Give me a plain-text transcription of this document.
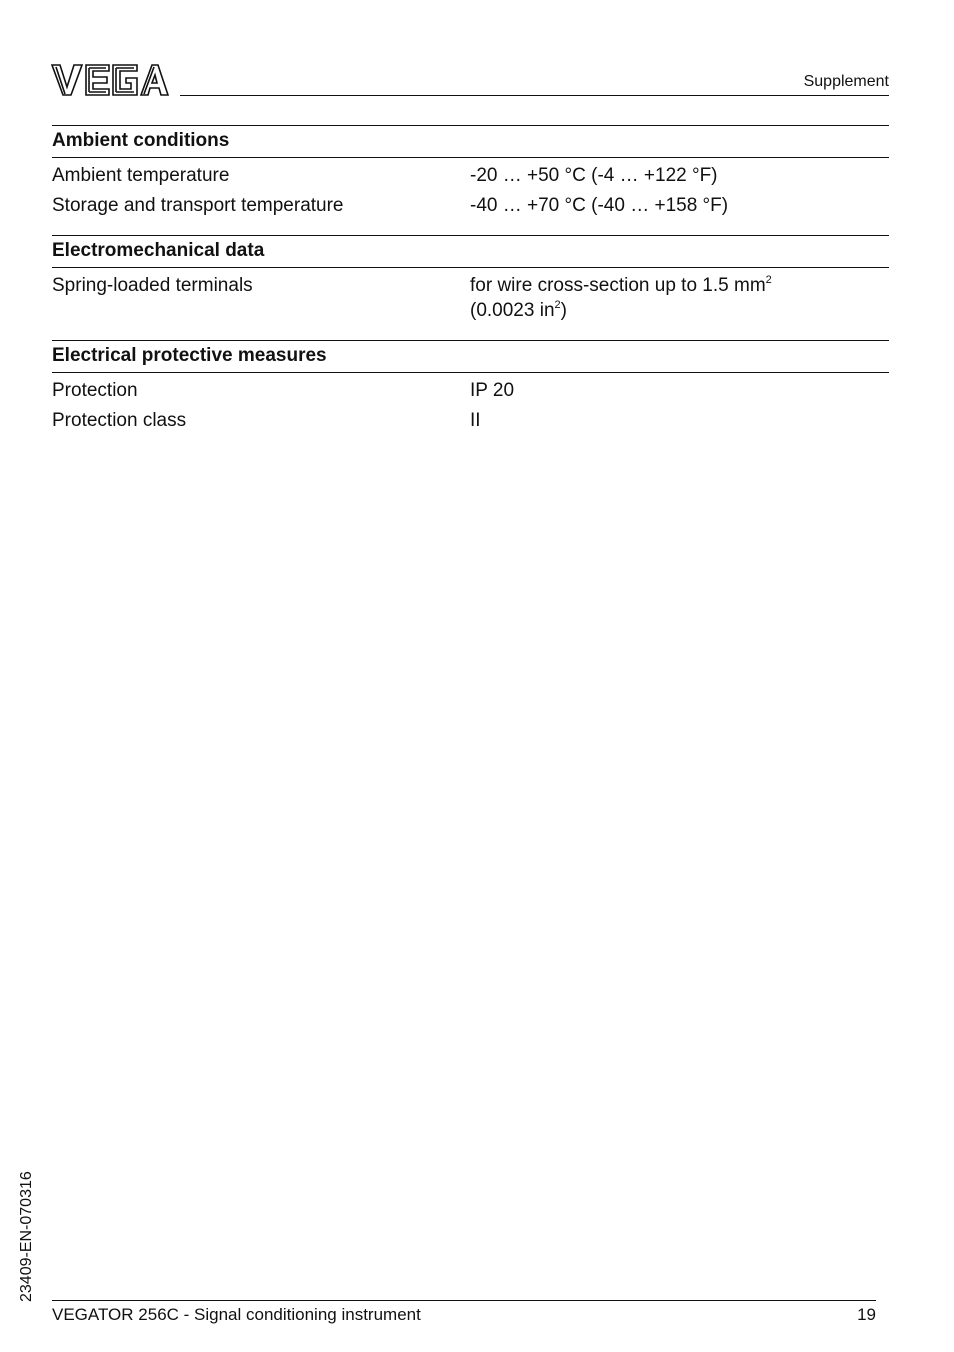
Supplement
Ambient conditions
Ambient temperature	-20 … +50 °C (-4 … +122 °F)
Storage and transport temperature	-40 … +70 °C (-40 … +158 °F)
Electromechanical data
Spring-loaded terminals	for wire cross-section up to 1.5 $mm^2$
(0.0023 $in^2$)
Electrical protective measures
Protection	IP 20
Protection class	II
23409-EN-070316
VEGATOR 256C - Signal conditioning instrument	19
